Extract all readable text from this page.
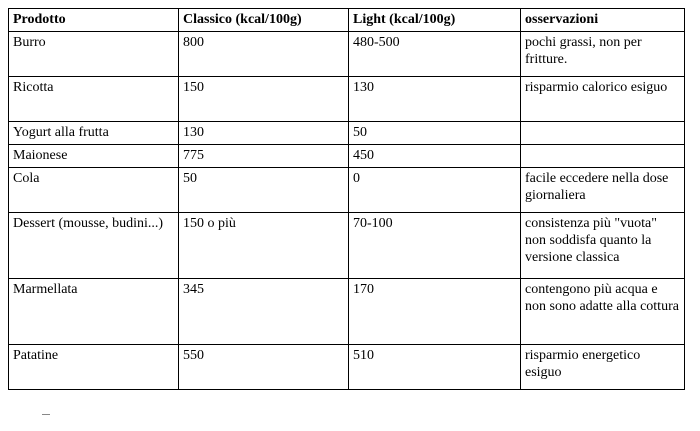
Prodotto	Classico (kcal/100g)	Light (kcal/100g)	osservazioni
Burro	800	480-500	pochi grassi, non per fritture.
Ricotta	150	130	risparmio calorico esiguo
Yogurt alla frutta	130	50	
Maionese	775	450	
Cola	50	0	facile eccedere nella dose giornaliera
Dessert (mousse, budini...)	150 o più	70-100	consistenza più "vuota" non soddisfa quanto la versione classica
Marmellata	345	170	contengono più acqua e non sono adatte alla cottura
Patatine	550	510	risparmio energetico esiguo
